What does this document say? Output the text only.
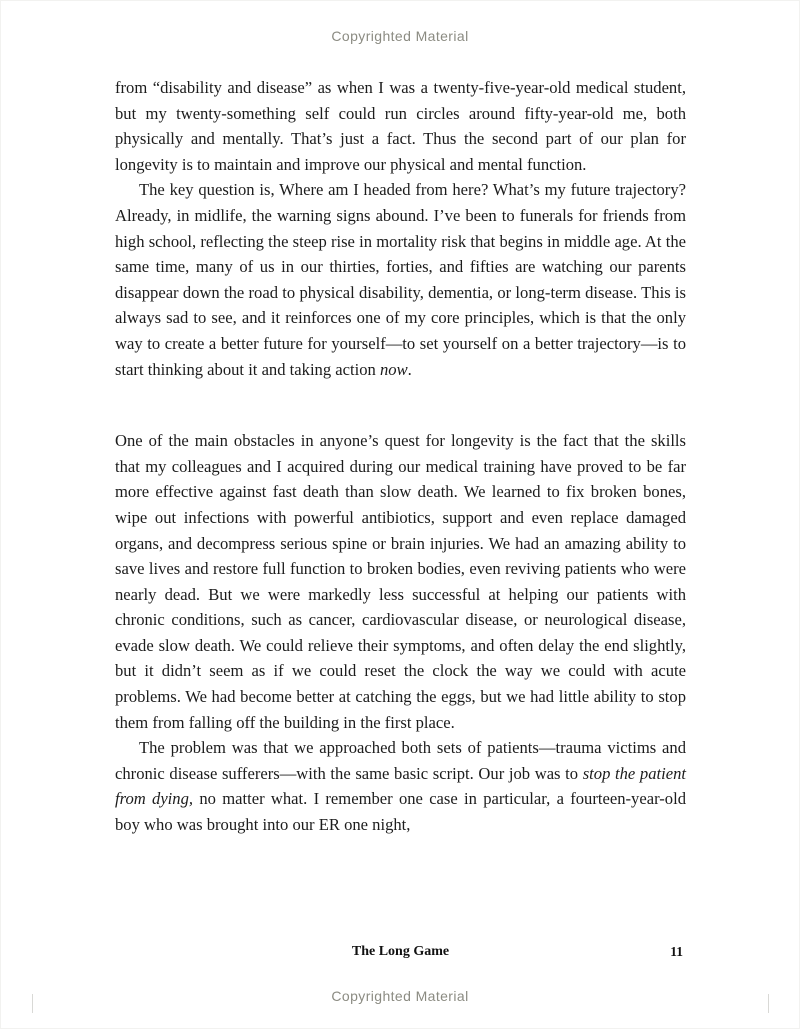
Copyrighted Material

from “disability and disease” as when I was a twenty-five-year-old medical student, but my twenty-something self could run circles around fifty-year-old me, both physically and mentally. That’s just a fact. Thus the second part of our plan for longevity is to maintain and improve our physical and mental function.

The key question is, Where am I headed from here? What’s my future trajectory? Already, in midlife, the warning signs abound. I’ve been to funerals for friends from high school, reflecting the steep rise in mortality risk that begins in middle age. At the same time, many of us in our thirties, forties, and fifties are watching our parents disappear down the road to physical disability, dementia, or long-term disease. This is always sad to see, and it reinforces one of my core principles, which is that the only way to create a better future for yourself—to set yourself on a better trajectory—is to start thinking about it and taking action now.

One of the main obstacles in anyone’s quest for longevity is the fact that the skills that my colleagues and I acquired during our medical training have proved to be far more effective against fast death than slow death. We learned to fix broken bones, wipe out infections with powerful antibiotics, support and even replace damaged organs, and decompress serious spine or brain injuries. We had an amazing ability to save lives and restore full function to broken bodies, even reviving patients who were nearly dead. But we were markedly less successful at helping our patients with chronic conditions, such as cancer, cardiovascular disease, or neurological disease, evade slow death. We could relieve their symptoms, and often delay the end slightly, but it didn’t seem as if we could reset the clock the way we could with acute problems. We had become better at catching the eggs, but we had little ability to stop them from falling off the building in the first place.

The problem was that we approached both sets of patients—trauma victims and chronic disease sufferers—with the same basic script. Our job was to stop the patient from dying, no matter what. I remember one case in particular, a fourteen-year-old boy who was brought into our ER one night,

The Long Game	11
Copyrighted Material
